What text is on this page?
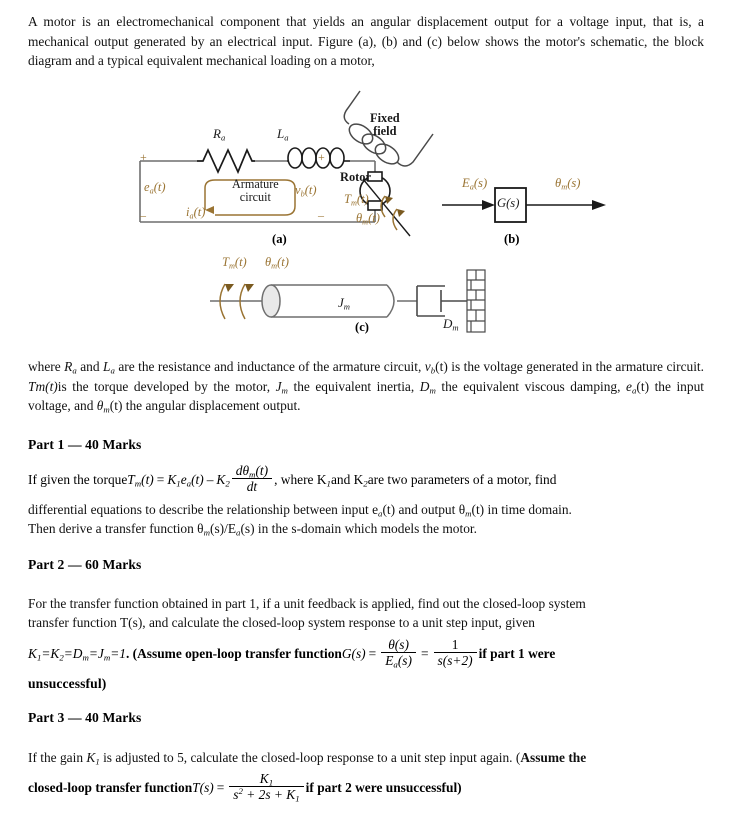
A motor is an electromechanical component that yields an angular displacement output for a voltage input, that is, a mechanical output generated by an electrical input. Figure (a), (b) and (c) below shows the motor's schematic, the block diagram and a typical equivalent mechanical loading on a motor,
$R_a$	$L_a$
+
–
$e_a(t)$
$i_a(t)$
Armature
circuit	$v_b(t)$
+
–
Fixed
field
Rotor
$T_m(t)$
$\theta_m(t)$
(a)
$E_a(s)$
G(s)
$\theta_m(s)$
(b)
$T_m(t)$ $\theta_m(t)$
$J_m$
$D_m$
(c)
where $R_a$ and $L_a$ are the resistance and inductance of the armature circuit, $v_b(t)$ is the voltage generated in the armature circuit. Tm(t)is the torque developed by the motor, $J_m$ the equivalent inertia, $D_m$ the equivalent viscous damping, $e_a(t)$ the input voltage, and $\theta_m(t)$ the angular displacement output.
Part 1 — 40 Marks
If given the torque $T_m(t) = K_1e_a(t) - K_2 \frac{d\theta_m(t)}{dt}$ , where K $_1$ and K $_2$ are two parameters of a motor, find
differential equations to describe the relationship between input $e_a(t)$ and output $\theta_m(t)$ in time domain.
Then derive a transfer function $\theta_m(s)/E_a(s)$ in the s-domain which models the motor.
Part 2 — 60 Marks
For the transfer function obtained in part 1, if a unit feedback is applied, find out the closed-loop system
transfer function T(s), and calculate the closed-loop system response to a unit step input, given
$K_1=K_2=D_m=J_m=1$ . ( Assume open-loop transfer function $G(s) = \frac{\theta(s)}{E_a(s)} = \frac{1}{s(s+2)}$ if part 1 were
unsuccessful)
Part 3 — 40 Marks
If the gain $K_1$ is adjusted to 5, calculate the closed-loop response to a unit step input again. (Assume the
closed-loop transfer function $T(s) = \frac{K_1}{s^2 + 2s + K_1}$ if part 2 were unsuccessful)
